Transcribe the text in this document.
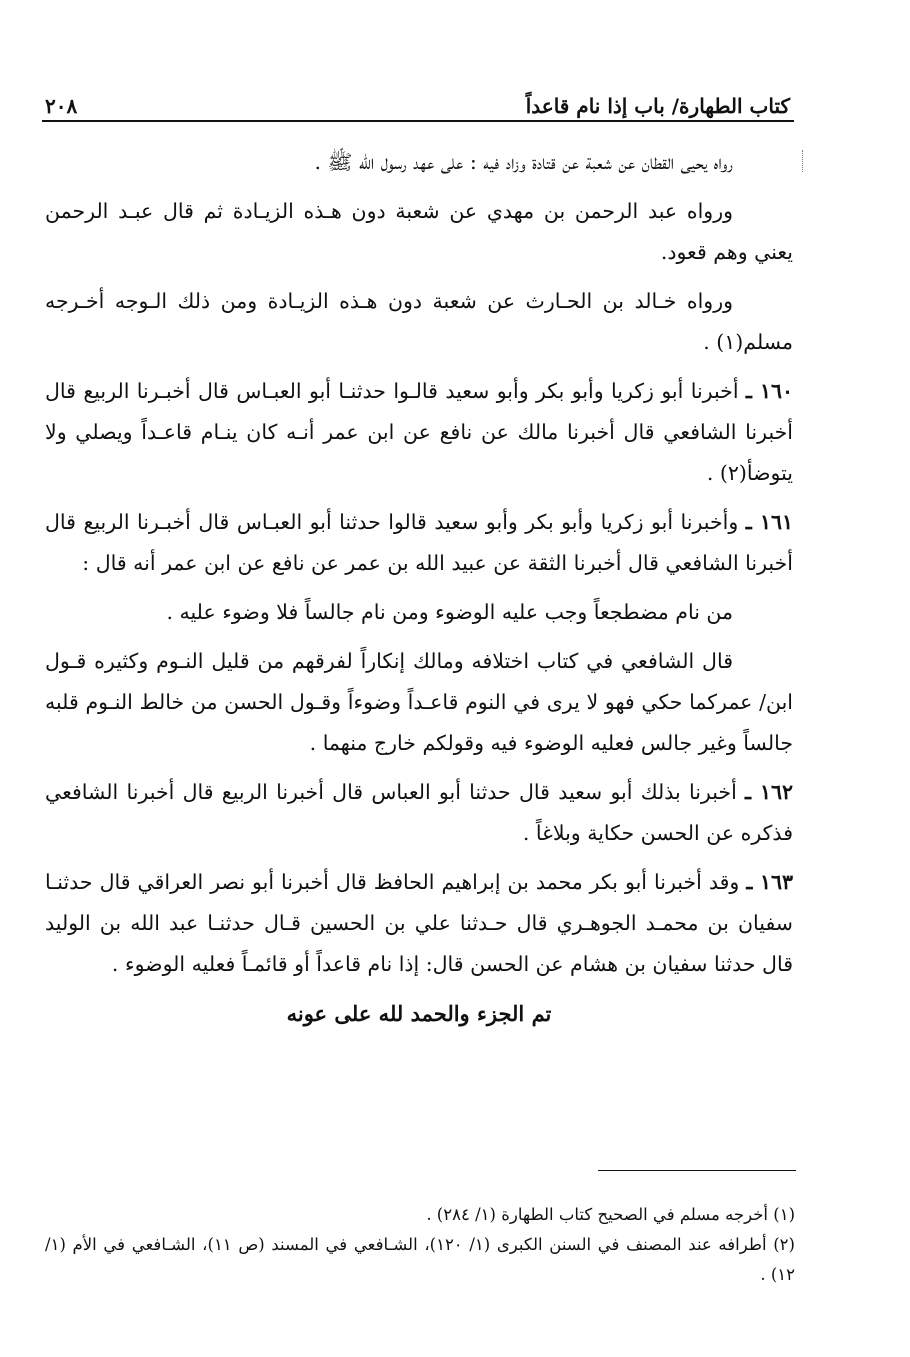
كتاب الطهارة/ باب إذا نام قاعداً
٢٠٨

رواه يحيى القطان عن شعبة عن قتادة وزاد فيه : على عهد رسول الله ﷺ .

ورواه عبد الرحمن بن مهدي عن شعبة دون هـذه الزيـادة ثم قال عبـد الرحمن يعني وهم قعود.

ورواه خـالد بن الحـارث عن شعبة دون هـذه الزيـادة ومن ذلك الـوجه أخـرجه مسلم(١) .

١٦٠ ـ أخبرنا أبو زكريا وأبو بكر وأبو سعيد قالـوا حدثنـا أبو العبـاس قال أخبـرنا الربيع قال أخبرنا الشافعي قال أخبرنا مالك عن نافع عن ابن عمر أنـه كان ينـام قاعـداً ويصلي ولا يتوضأ(٢) .

١٦١ ـ وأخبرنا أبو زكريا وأبو بكر وأبو سعيد قالوا حدثنا أبو العبـاس قال أخبـرنا الربيع قال أخبرنا الشافعي قال أخبرنا الثقة عن عبيد الله بن عمر عن نافع عن ابن عمر أنه قال :

من نام مضطجعاً وجب عليه الوضوء ومن نام جالساً فلا وضوء عليه .

قال الشافعي في كتاب اختلافه ومالك إنكاراً لفرقهم من قليل النـوم وكثيره قـول ابن/ عمركما حكي فهو لا يرى في النوم قاعـداً وضوءاً وقـول الحسن من خالط النـوم قلبه جالساً وغير جالس فعليه الوضوء فيه وقولكم خارج منهما .

١٦٢ ـ أخبرنا بذلك أبو سعيد قال حدثنا أبو العباس قال أخبرنا الربيع قال أخبرنا الشافعي فذكره عن الحسن حكاية وبلاغاً .

١٦٣ ـ وقد أخبرنا أبو بكر محمد بن إبراهيم الحافظ قال أخبرنا أبو نصر العراقي قال حدثنـا سفيان بن محمـد الجوهـري قال حـدثنا علي بن الحسين قـال حدثنـا عبد الله بن الوليد قال حدثنا سفيان بن هشام عن الحسن قال: إذا نام قاعداً أو قائمـاً فعليه الوضوء .

تم الجزء والحمد لله على عونه

(١) أخرجه مسلم في الصحيح كتاب الطهارة (١/ ٢٨٤) .

(٢) أطرافه عند المصنف في السنن الكبرى (١/ ١٢٠)، الشـافعي في المسند (ص ١١)، الشـافعي في الأم (١/ ١٢) .
